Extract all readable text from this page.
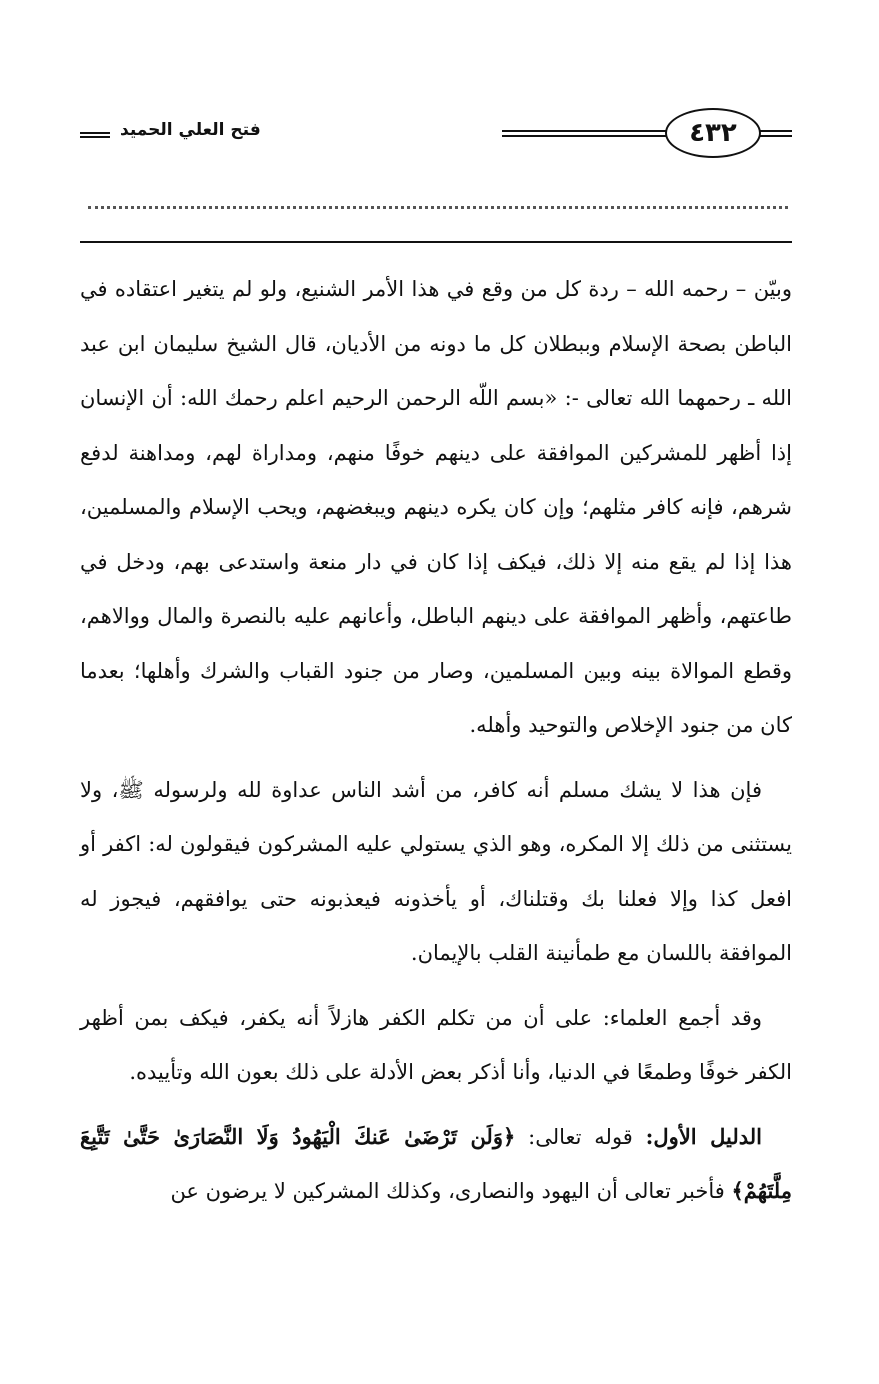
فتح العلي الحميد	٤٣٢

وبيّن – رحمه الله – ردة كل من وقع في هذا الأمر الشنيع، ولو لم يتغير اعتقاده في الباطن بصحة الإسلام وببطلان كل ما دونه من الأديان، قال الشيخ سليمان ابن عبد الله ـ رحمهما الله تعالى -: «بسم اللّه الرحمن الرحيم اعلم رحمك الله: أن الإنسان إذا أظهر للمشركين الموافقة على دينهم خوفًا منهم، ومداراة لهم، ومداهنة لدفع شرهم، فإنه كافر مثلهم؛ وإن كان يكره دينهم ويبغضهم، ويحب الإسلام والمسلمين، هذا إذا لم يقع منه إلا ذلك، فيكف إذا كان في دار منعة واستدعى بهم، ودخل في طاعتهم، وأظهر الموافقة على دينهم الباطل، وأعانهم عليه بالنصرة والمال ووالاهم، وقطع الموالاة بينه وبين المسلمين، وصار من جنود القباب والشرك وأهلها؛ بعدما كان من جنود الإخلاص والتوحيد وأهله.

فإن هذا لا يشك مسلم أنه كافر، من أشد الناس عداوة لله ولرسوله ﷺ، ولا يستثنى من ذلك إلا المكره، وهو الذي يستولي عليه المشركون فيقولون له: اكفر أو افعل كذا وإلا فعلنا بك وقتلناك، أو يأخذونه فيعذبونه حتى يوافقهم، فيجوز له الموافقة باللسان مع طمأنينة القلب بالإيمان.

وقد أجمع العلماء: على أن من تكلم الكفر هازلاً أنه يكفر، فيكف بمن أظهر الكفر خوفًا وطمعًا في الدنيا، وأنا أذكر بعض الأدلة على ذلك بعون الله وتأييده.

الدليل الأول: قوله تعالى: ﴿وَلَن تَرْضَىٰ عَنكَ الْيَهُودُ وَلَا النَّصَارَىٰ حَتَّىٰ تَتَّبِعَ مِلَّتَهُمْ﴾ فأخبر تعالى أن اليهود والنصارى، وكذلك المشركين لا يرضون عن
